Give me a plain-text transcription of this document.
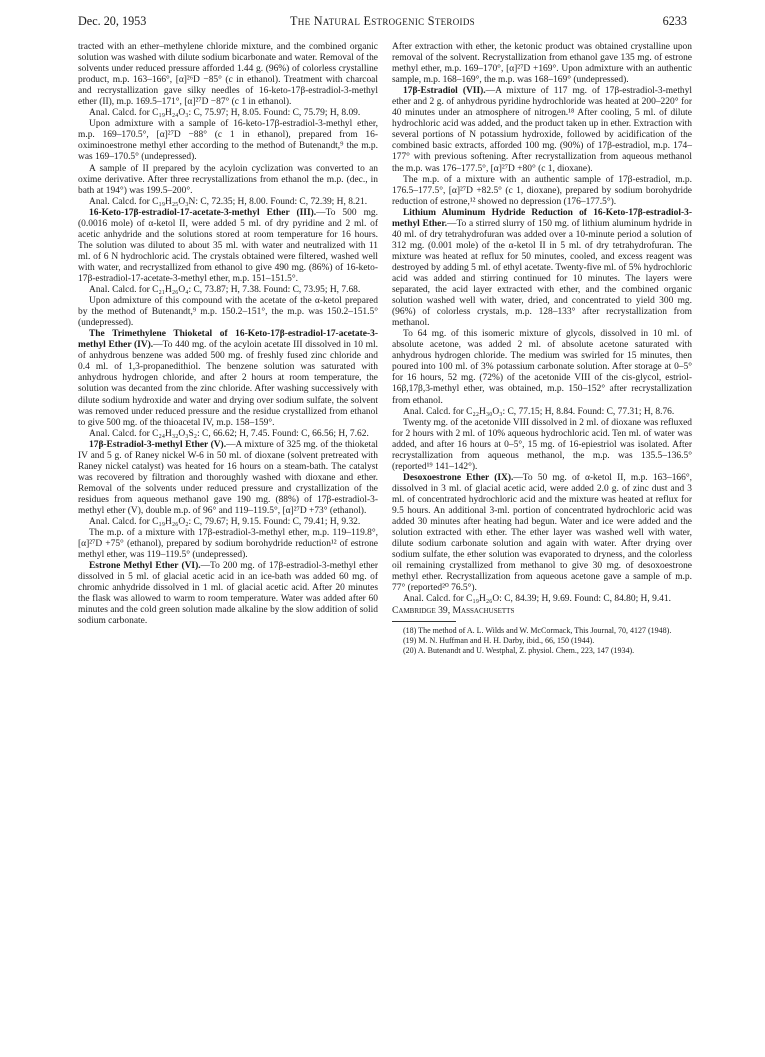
Dec. 20, 1953	The Natural Estrogenic Steroids	6233

tracted with an ether–methylene chloride mixture, and the combined organic solution was washed with dilute sodium bicarbonate and water. Removal of the solvents under reduced pressure afforded 1.44 g. (96%) of colorless crystalline product, m.p. 163–166°, [α]²⁶D −85° (c in ethanol). Treatment with charcoal and recrystallization gave silky needles of 16-keto-17β-estradiol-3-methyl ether (II), m.p. 169.5–171°, [α]²⁷D −87° (c 1 in ethanol).

Anal. Calcd. for C₁₉H₂₄O₃: C, 75.97; H, 8.05. Found: C, 75.79; H, 8.09.

Upon admixture with a sample of 16-keto-17β-estradiol-3-methyl ether, m.p. 169–170.5°, [α]²⁷D −88° (c 1 in ethanol), prepared from 16-oximinoestrone methyl ether according to the method of Butenandt,⁹ the m.p. was 169–170.5° (undepressed).

A sample of II prepared by the acyloin cyclization was converted to an oxime derivative. After three recrystallizations from ethanol the m.p. (dec., in bath at 194°) was 199.5–200°.

Anal. Calcd. for C₁₉H₂₅O₃N: C, 72.35; H, 8.00. Found: C, 72.39; H, 8.21.

16-Keto-17β-estradiol-17-acetate-3-methyl Ether (III).—To 500 mg. (0.0016 mole) of α-ketol II, were added 5 ml. of dry pyridine and 2 ml. of acetic anhydride and the solutions stored at room temperature for 16 hours. The solution was diluted to about 35 ml. with water and neutralized with 11 ml. of 6 N hydrochloric acid. The crystals obtained were filtered, washed well with water, and recrystallized from ethanol to give 490 mg. (86%) of 16-keto-17β-estradiol-17-acetate-3-methyl ether, m.p. 151–151.5°.

Anal. Calcd. for C₂₁H₂₆O₄: C, 73.87; H, 7.38. Found: C, 73.95; H, 7.68.

Upon admixture of this compound with the acetate of the α-ketol prepared by the method of Butenandt,⁹ m.p. 150.2–151°, the m.p. was 150.2–151.5° (undepressed).

The Trimethylene Thioketal of 16-Keto-17β-estradiol-17-acetate-3-methyl Ether (IV).—To 440 mg. of the acyloin acetate III dissolved in 10 ml. of anhydrous benzene was added 500 mg. of freshly fused zinc chloride and 0.4 ml. of 1,3-propanedithiol. The benzene solution was saturated with anhydrous hydrogen chloride, and after 2 hours at room temperature, the solution was decanted from the zinc chloride. After washing successively with dilute sodium hydroxide and water and drying over sodium sulfate, the solvent was removed under reduced pressure and the residue crystallized from ethanol to give 500 mg. of the thioacetal IV, m.p. 158–159°.

Anal. Calcd. for C₂₄H₃₂O₃S₂: C, 66.62; H, 7.45. Found: C, 66.56; H, 7.62.

17β-Estradiol-3-methyl Ether (V).—A mixture of 325 mg. of the thioketal IV and 5 g. of Raney nickel W-6 in 50 ml. of dioxane (solvent pretreated with Raney nickel catalyst) was heated for 16 hours on a steam-bath. The catalyst was recovered by filtration and thoroughly washed with dioxane and ether. Removal of the solvents under reduced pressure and crystallization of the residues from aqueous methanol gave 190 mg. (88%) of 17β-estradiol-3-methyl ether (V), double m.p. of 96° and 119–119.5°, [α]²⁷D +73° (ethanol).

Anal. Calcd. for C₁₉H₂₆O₂: C, 79.67; H, 9.15. Found: C, 79.41; H, 9.32.

The m.p. of a mixture with 17β-estradiol-3-methyl ether, m.p. 119–119.8°, [α]²⁷D +75° (ethanol), prepared by sodium borohydride reduction¹² of estrone methyl ether, was 119–119.5° (undepressed).

Estrone Methyl Ether (VI).—To 200 mg. of 17β-estradiol-3-methyl ether dissolved in 5 ml. of glacial acetic acid in an ice-bath was added 60 mg. of chromic anhydride dissolved in 1 ml. of glacial acetic acid. After 20 minutes the flask was allowed to warm to room temperature. Water was added after 60 minutes and the cold green solution made alkaline by the slow addition of solid sodium carbonate.

After extraction with ether, the ketonic product was obtained crystalline upon removal of the solvent. Recrystallization from ethanol gave 135 mg. of estrone methyl ether, m.p. 169–170°, [α]²⁷D +169°. Upon admixture with an authentic sample, m.p. 168–169°, the m.p. was 168–169° (undepressed).

17β-Estradiol (VII).—A mixture of 117 mg. of 17β-estradiol-3-methyl ether and 2 g. of anhydrous pyridine hydrochloride was heated at 200–220° for 40 minutes under an atmosphere of nitrogen.¹⁸ After cooling, 5 ml. of dilute hydrochloric acid was added, and the product taken up in ether. Extraction with several portions of N potassium hydroxide, followed by acidification of the combined basic extracts, afforded 100 mg. (90%) of 17β-estradiol, m.p. 174–177° with previous softening. After recrystallization from aqueous methanol the m.p. was 176–177.5°, [α]²⁷D +80° (c 1, dioxane).

The m.p. of a mixture with an authentic sample of 17β-estradiol, m.p. 176.5–177.5°, [α]²⁷D +82.5° (c 1, dioxane), prepared by sodium borohydride reduction of estrone,¹² showed no depression (176–177.5°).

Lithium Aluminum Hydride Reduction of 16-Keto-17β-estradiol-3-methyl Ether.—To a stirred slurry of 150 mg. of lithium aluminum hydride in 40 ml. of dry tetrahydrofuran was added over a 10-minute period a solution of 312 mg. (0.001 mole) of the α-ketol II in 5 ml. of dry tetrahydrofuran. The mixture was heated at reflux for 50 minutes, cooled, and excess reagent was destroyed by adding 5 ml. of ethyl acetate. Twenty-five ml. of 5% hydrochloric acid was added and stirring continued for 10 minutes. The layers were separated, the acid layer extracted with ether, and the combined organic solution washed well with water, dried, and concentrated to yield 300 mg. (96%) of colorless crystals, m.p. 128–133° after recrystallization from methanol.

To 64 mg. of this isomeric mixture of glycols, dissolved in 10 ml. of absolute acetone, was added 2 ml. of absolute acetone saturated with anhydrous hydrogen chloride. The medium was swirled for 15 minutes, then poured into 100 ml. of 3% potassium carbonate solution. After storage at 0–5° for 16 hours, 52 mg. (72%) of the acetonide VIII of the cis-glycol, estriol-16β,17β,3-methyl ether, was obtained, m.p. 150–152° after recrystallization from ethanol.

Anal. Calcd. for C₂₂H₃₀O₃: C, 77.15; H, 8.84. Found: C, 77.31; H, 8.76.

Twenty mg. of the acetonide VIII dissolved in 2 ml. of dioxane was refluxed for 2 hours with 2 ml. of 10% aqueous hydrochloric acid. Ten ml. of water was added, and after 16 hours at 0–5°, 15 mg. of 16-epiestriol was isolated. After recrystallization from aqueous methanol, the m.p. was 135.5–136.5° (reported¹⁹ 141–142°).

Desoxoestrone Ether (IX).—To 50 mg. of α-ketol II, m.p. 163–166°, dissolved in 3 ml. of glacial acetic acid, were added 2.0 g. of zinc dust and 3 ml. of concentrated hydrochloric acid and the mixture was heated at reflux for 9.5 hours. An additional 3-ml. portion of concentrated hydrochloric acid was added 30 minutes after heating had begun. Water and ice were added and the solution extracted with ether. The ether layer was washed well with water, dilute sodium carbonate solution and again with water. After drying over sodium sulfate, the ether solution was evaporated to dryness, and the colorless oil remaining crystallized from methanol to give 30 mg. of desoxoestrone methyl ether. Recrystallization from aqueous acetone gave a sample of m.p. 77° (reported²⁰ 76.5°).

Anal. Calcd. for C₁₉H₂₆O: C, 84.39; H, 9.69. Found: C, 84.80; H, 9.41.

Cambridge 39, Massachusetts

(18) The method of A. L. Wilds and W. McCormack, This Journal, 70, 4127 (1948).

(19) M. N. Huffman and H. H. Darby, ibid., 66, 150 (1944).

(20) A. Butenandt and U. Westphal, Z. physiol. Chem., 223, 147 (1934).
